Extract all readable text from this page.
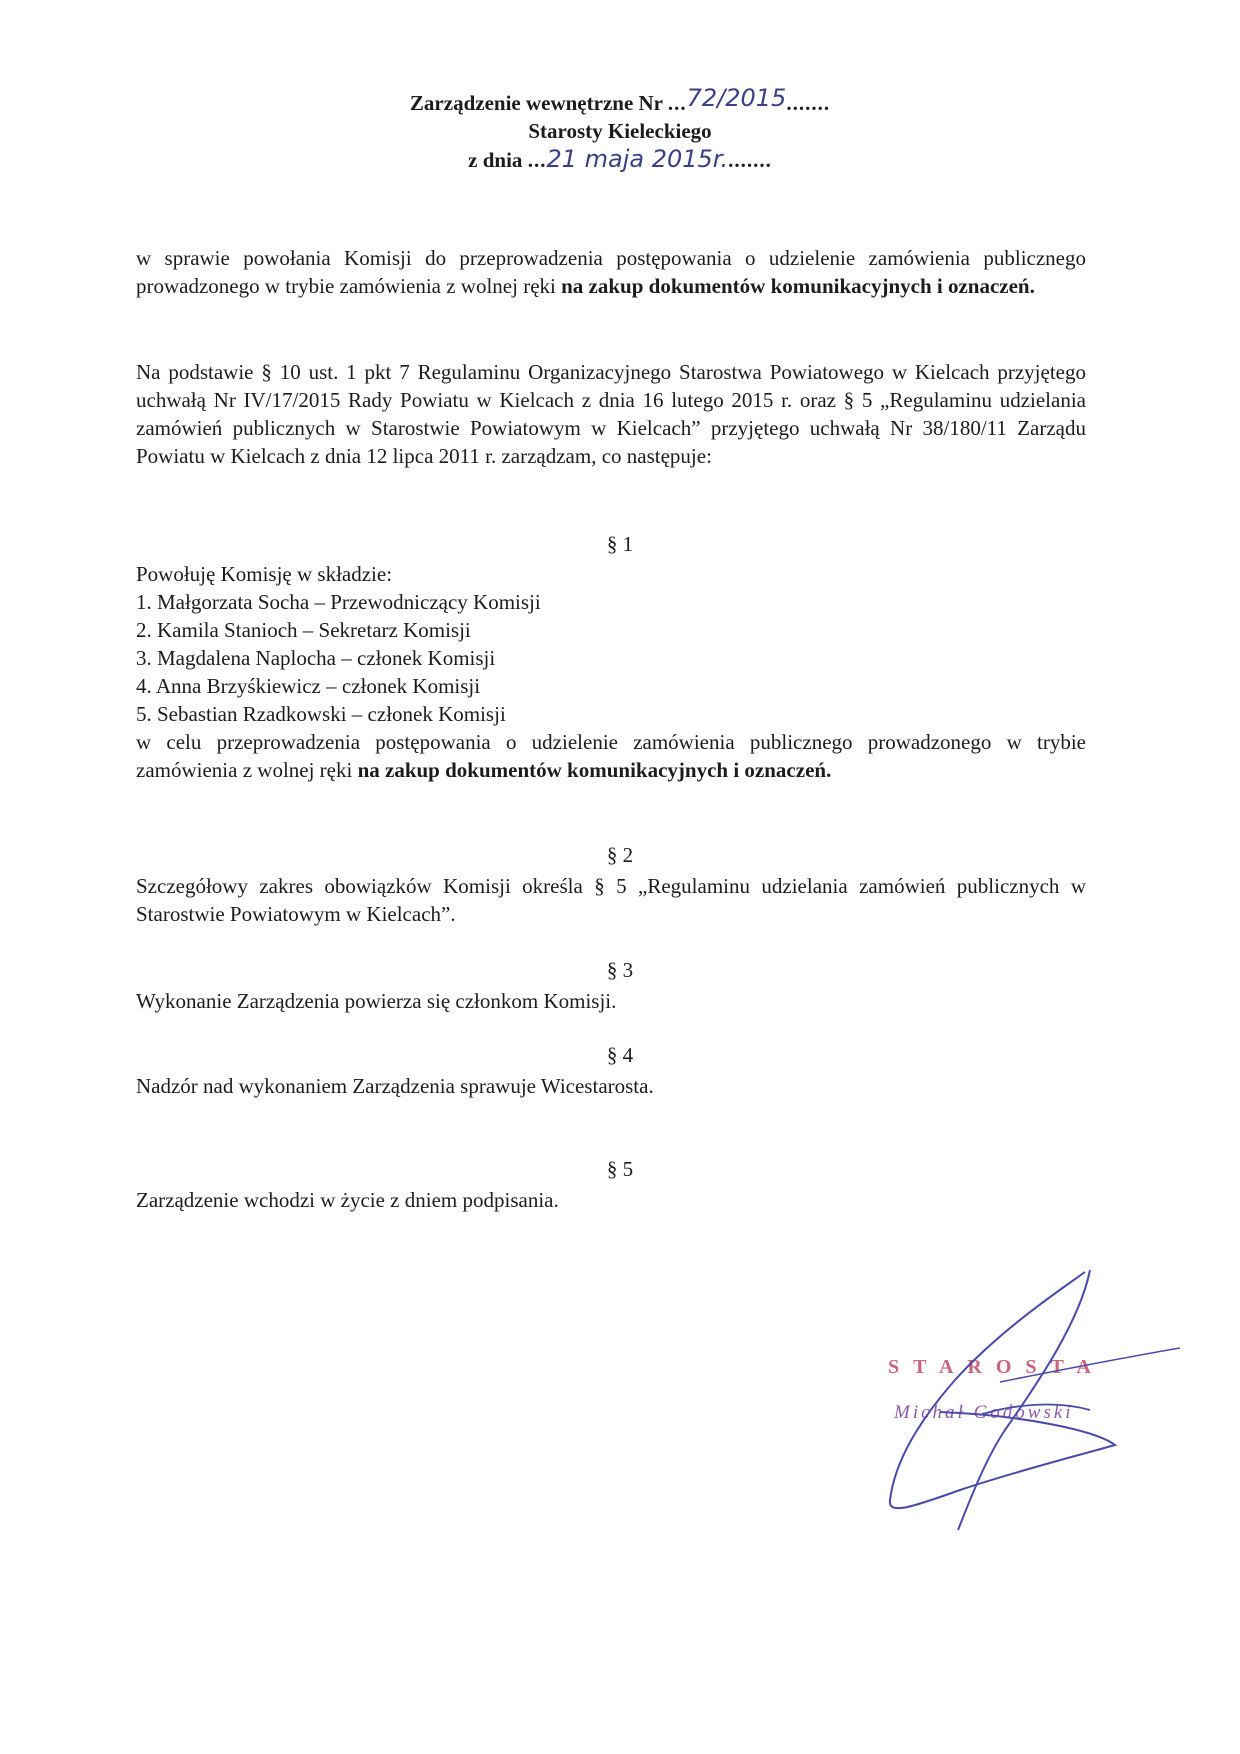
Zarządzenie wewnętrzne Nr ...72/2015.......
Starosty Kieleckiego
z dnia ...21 maja 2015r........
w sprawie powołania Komisji do przeprowadzenia postępowania o udzielenie zamówienia publicznego prowadzonego w trybie zamówienia z wolnej ręki na zakup dokumentów komunikacyjnych i oznaczeń.
Na podstawie § 10 ust. 1 pkt 7 Regulaminu Organizacyjnego Starostwa Powiatowego w Kielcach przyjętego uchwałą Nr IV/17/2015 Rady Powiatu w Kielcach z dnia 16 lutego 2015 r. oraz § 5 „Regulaminu udzielania zamówień publicznych w Starostwie Powiatowym w Kielcach” przyjętego uchwałą Nr 38/180/11 Zarządu Powiatu w Kielcach z dnia 12 lipca 2011 r. zarządzam, co następuje:
§ 1
Powołuję Komisję w składzie:
1. Małgorzata Socha – Przewodniczący Komisji
2. Kamila Stanioch – Sekretarz Komisji
3. Magdalena Naplocha – członek Komisji
4. Anna Brzyśkiewicz – członek Komisji
5. Sebastian Rzadkowski – członek Komisji
w celu przeprowadzenia postępowania o udzielenie zamówienia publicznego prowadzonego w trybie zamówienia z wolnej ręki na zakup dokumentów komunikacyjnych i oznaczeń.
§ 2
Szczegółowy zakres obowiązków Komisji określa § 5 „Regulaminu udzielania zamówień publicznych w Starostwie Powiatowym w Kielcach”.
§ 3
Wykonanie Zarządzenia powierza się członkom Komisji.
§ 4
Nadzór nad wykonaniem Zarządzenia sprawuje Wicestarosta.
§ 5
Zarządzenie wchodzi w życie z dniem podpisania.
STAROSTA
Michał Godowski
